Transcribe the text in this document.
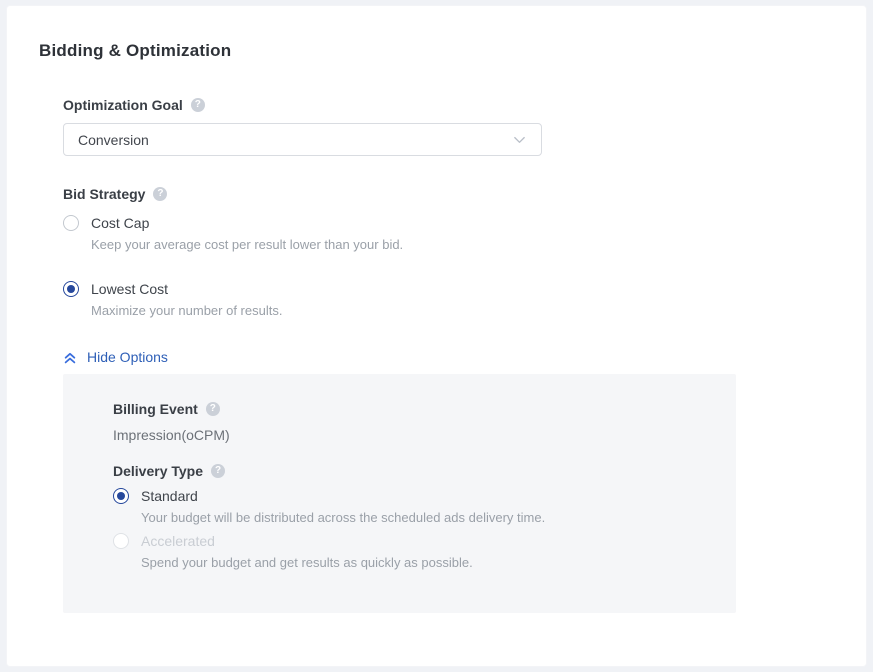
Bidding & Optimization
Optimization Goal	?
Conversion
Bid Strategy	?
Cost Cap
Keep your average cost per result lower than your bid.
Lowest Cost
Maximize your number of results.
Hide Options
Billing Event	?
Impression(oCPM)
Delivery Type	?
Standard
Your budget will be distributed across the scheduled ads delivery time.
Accelerated
Spend your budget and get results as quickly as possible.
